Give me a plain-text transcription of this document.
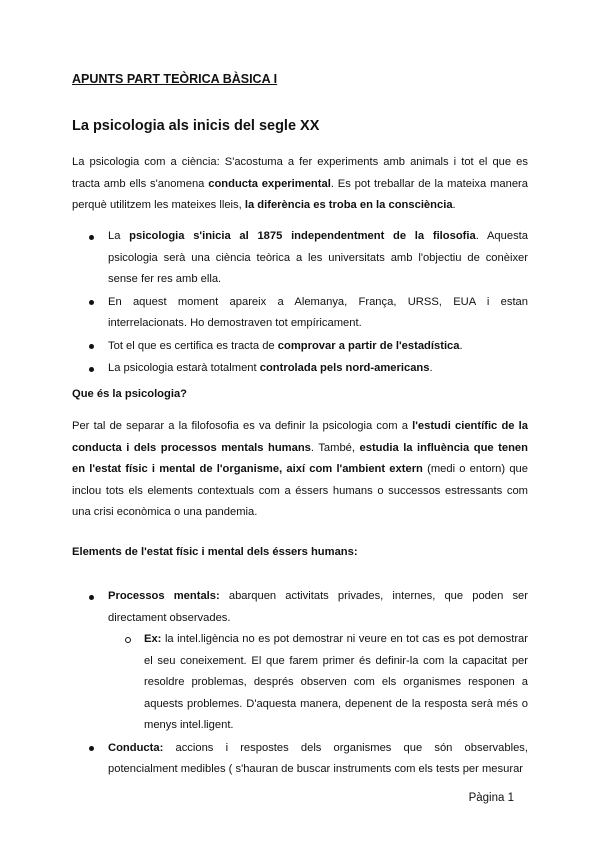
APUNTS PART TEÒRICA BÀSICA I

La psicologia als inicis del segle XX

La psicologia com a ciència: S'acostuma a fer experiments amb animals i tot el que es tracta amb ells s'anomena conducta experimental. Es pot treballar de la mateixa manera perquè utilitzem les mateixes lleis, la diferència es troba en la consciència.

La psicologia s'inicia al 1875 independentment de la filosofia. Aquesta psicologia serà una ciència teòrica a les universitats amb l'objectiu de conèixer sense fer res amb ella.
En aquest moment apareix a Alemanya, França, URSS, EUA i estan interrelacionats. Ho demostraven tot empíricament.
Tot el que es certifica es tracta de comprovar a partir de l'estadística.
La psicologia estarà totalment controlada pels nord-americans.

Que és la psicologia?

Per tal de separar a la filofosofia es va definir la psicologia com a l'estudi científic de la conducta i dels processos mentals humans. També, estudia la influència que tenen en l'estat físic i mental de l'organisme, així com l'ambient extern (medi o entorn) que inclou tots els elements contextuals com a éssers humans o successos estressants com una crisi econòmica o una pandemia.

Elements de l'estat físic i mental dels éssers humans:

Processos mentals: abarquen activitats privades, internes, que poden ser directament observades.
Ex: la intel.ligència no es pot demostrar ni veure en tot cas es pot demostrar el seu coneixement. El que farem primer és definir-la com la capacitat per resoldre problemas, després observen com els organismes responen a aquests problemes. D'aquesta manera, depenent de la resposta serà més o menys intel.ligent.
Conducta: accions i respostes dels organismes que són observables, potencialment medibles ( s'hauran de buscar instruments com els tests per mesurar

Pàgina 1
